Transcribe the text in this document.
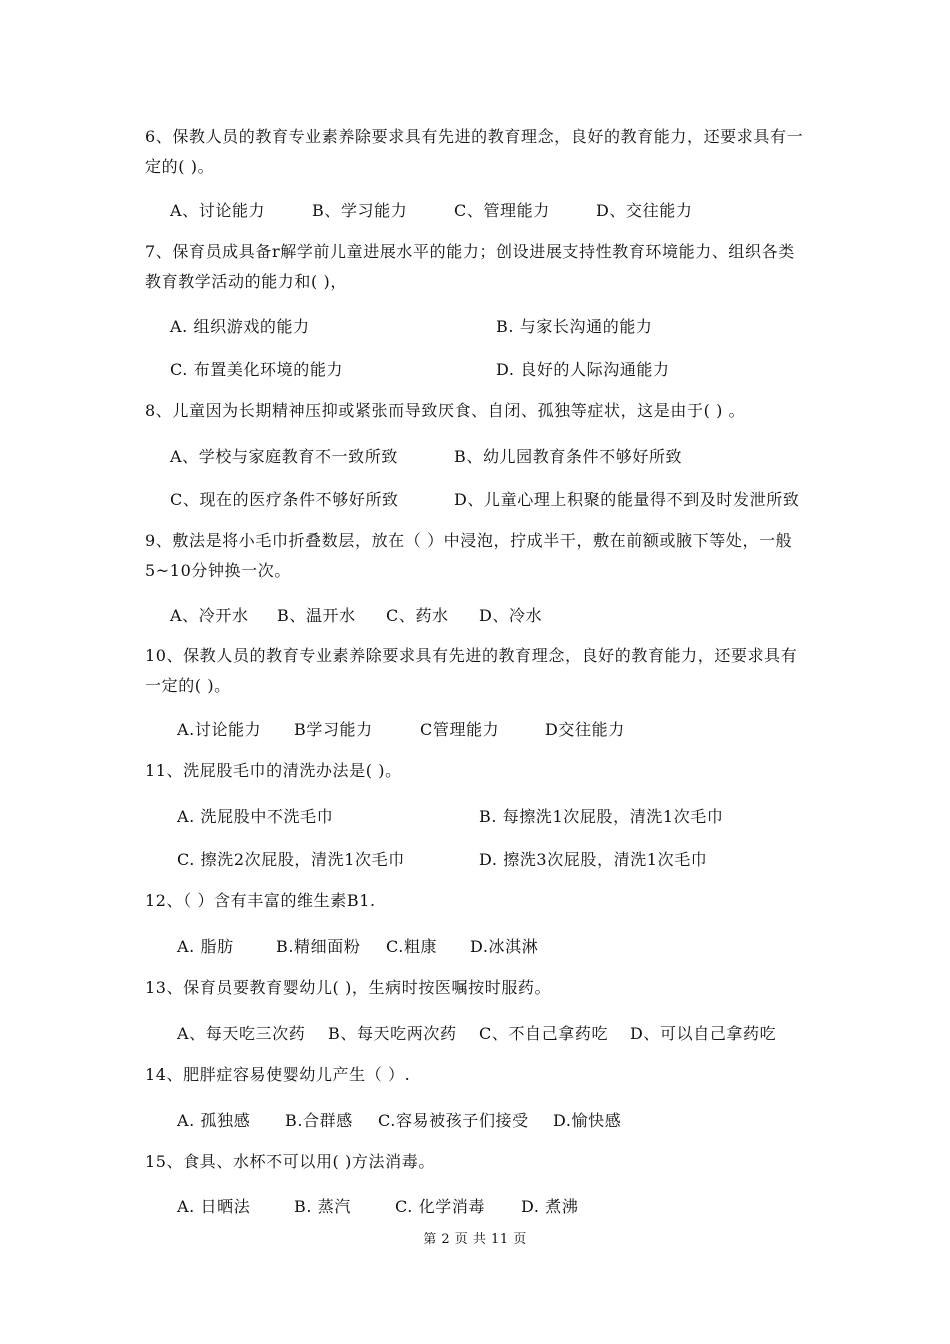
6、保教人员的教育专业素养除要求具有先进的教育理念，良好的教育能力，还要求具有一
定的( )。
A、讨论能力	B、学习能力	C、管理能力	D、交往能力
7、保育员成具备r解学前儿童进展水平的能力；创设进展支持性教育环境能力、组织各类
教育教学活动的能力和( )，
A. 组织游戏的能力	B. 与家长沟通的能力
C. 布置美化环境的能力	D. 良好的人际沟通能力
8、儿童因为长期精神压抑或紧张而导致厌食、自闭、孤独等症状，这是由于( ) 。
A、学校与家庭教育不一致所致	B、幼儿园教育条件不够好所致
C、现在的医疗条件不够好所致	D、儿童心理上积聚的能量得不到及时发泄所致
9、敷法是将小毛巾折叠数层，放在（ ）中浸泡，拧成半干，敷在前额或腋下等处，一般
5~10分钟换一次。
A、冷开水 B、温开水 C、药水 D、冷水
10、保教人员的教育专业素养除要求具有先进的教育理念，良好的教育能力，还要求具有
一定的( )。
A.讨论能力 B学习能力	C管理能力	D交往能力
11、洗屁股毛巾的清洗办法是( )。
A. 洗屁股中不洗毛巾	B. 每擦洗1次屁股，清洗1次毛巾
C. 擦洗2次屁股，清洗1次毛巾	D. 擦洗3次屁股，清洗1次毛巾
12、（ ）含有丰富的维生素B1.
A. 脂肪	B.精细面粉 C.粗康 D.冰淇淋
13、保育员要教育婴幼儿( )，生病时按医嘱按时服药。
A、每天吃三次药 B、每天吃两次药 C、不自己拿药吃 D、可以自己拿药吃
14、肥胖症容易使婴幼儿产生（ ）.
A. 孤独感 B.合群感 C.容易被孩子们接受 D.愉快感
15、食具、水杯不可以用( )方法消毒。
A. 日晒法	B. 蒸汽	C. 化学消毒 D. 煮沸
第 2 页 共 11 页
